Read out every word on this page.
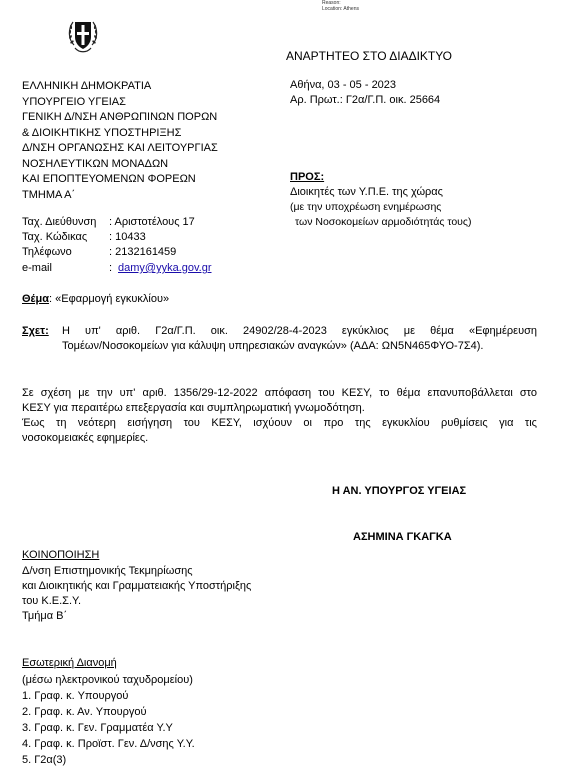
Reason:
Location: Athens
ΑΝΑΡΤΗΤΕΟ ΣΤΟ ΔΙΑΔΙΚΤΥΟ
ΕΛΛΗΝΙΚΗ ΔΗΜΟΚΡΑΤΙΑ
ΥΠΟΥΡΓΕΙΟ ΥΓΕΙΑΣ
ΓΕΝΙΚΗ Δ/ΝΣΗ ΑΝΘΡΩΠΙΝΩΝ ΠΟΡΩΝ
& ΔΙΟΙΚΗΤΙΚΗΣ ΥΠΟΣΤΗΡΙΞΗΣ
Δ/ΝΣΗ ΟΡΓΑΝΩΣΗΣ ΚΑΙ ΛΕΙΤΟΥΡΓΙΑΣ
ΝΟΣΗΛΕΥΤΙΚΩΝ ΜΟΝΑΔΩΝ
ΚΑΙ ΕΠΟΠΤΕΥΟΜΕΝΩΝ ΦΟΡΕΩΝ
ΤΜΗΜΑ Α΄
Αθήνα, 03 - 05 - 2023
Αρ. Πρωτ.: Γ2α/Γ.Π. οικ. 25664
ΠΡΟΣ:
Διοικητές των Υ.Π.Ε. της χώρας
(με την υποχρέωση ενημέρωσης
των Νοσοκομείων αρμοδιότητάς τους)
Ταχ. Διεύθυνση : Αριστοτέλους 17
Ταχ. Κώδικας : 10433
Τηλέφωνο	: 2132161459
e-mail	: damy@yyka.gov.gr
Θέμα: «Εφαρμογή εγκυκλίου»
Σχετ: Η υπ' αριθ. Γ2α/Γ.Π. οικ. 24902/28-4-2023 εγκύκλιος με θέμα «Εφημέρευση
Τομέων/Νοσοκομείων για κάλυψη υπηρεσιακών αναγκών» (ΑΔΑ: ΩΝ5Ν465ΦΥΟ-7Σ4).
Σε σχέση με την υπ' αριθ. 1356/29-12-2022 απόφαση του ΚΕΣΥ, το θέμα επανυποβάλλεται στο
ΚΕΣΥ για περαιτέρω επεξεργασία και συμπληρωματική γνωμοδότηση.
Έως τη νεότερη εισήγηση του ΚΕΣΥ, ισχύουν οι προ της εγκυκλίου ρυθμίσεις για τις
νοσοκομειακές εφημερίες.
Η ΑΝ. ΥΠΟΥΡΓΟΣ ΥΓΕΙΑΣ
ΑΣΗΜΙΝΑ ΓΚΑΓΚΑ
ΚΟΙΝΟΠΟΙΗΣΗ
Δ/νση Επιστημονικής Τεκμηρίωσης
και Διοικητικής και Γραμματειακής Υποστήριξης
του Κ.Ε.Σ.Υ.
Τμήμα Β΄
Εσωτερική Διανομή
(μέσω ηλεκτρονικού ταχυδρομείου)
1. Γραφ. κ. Υπουργού
2. Γραφ. κ. Αν. Υπουργού
3. Γραφ. κ. Γεν. Γραμματέα Υ.Υ
4. Γραφ. κ. Προϊστ. Γεν. Δ/νσης Υ.Υ.
5. Γ2α(3)
